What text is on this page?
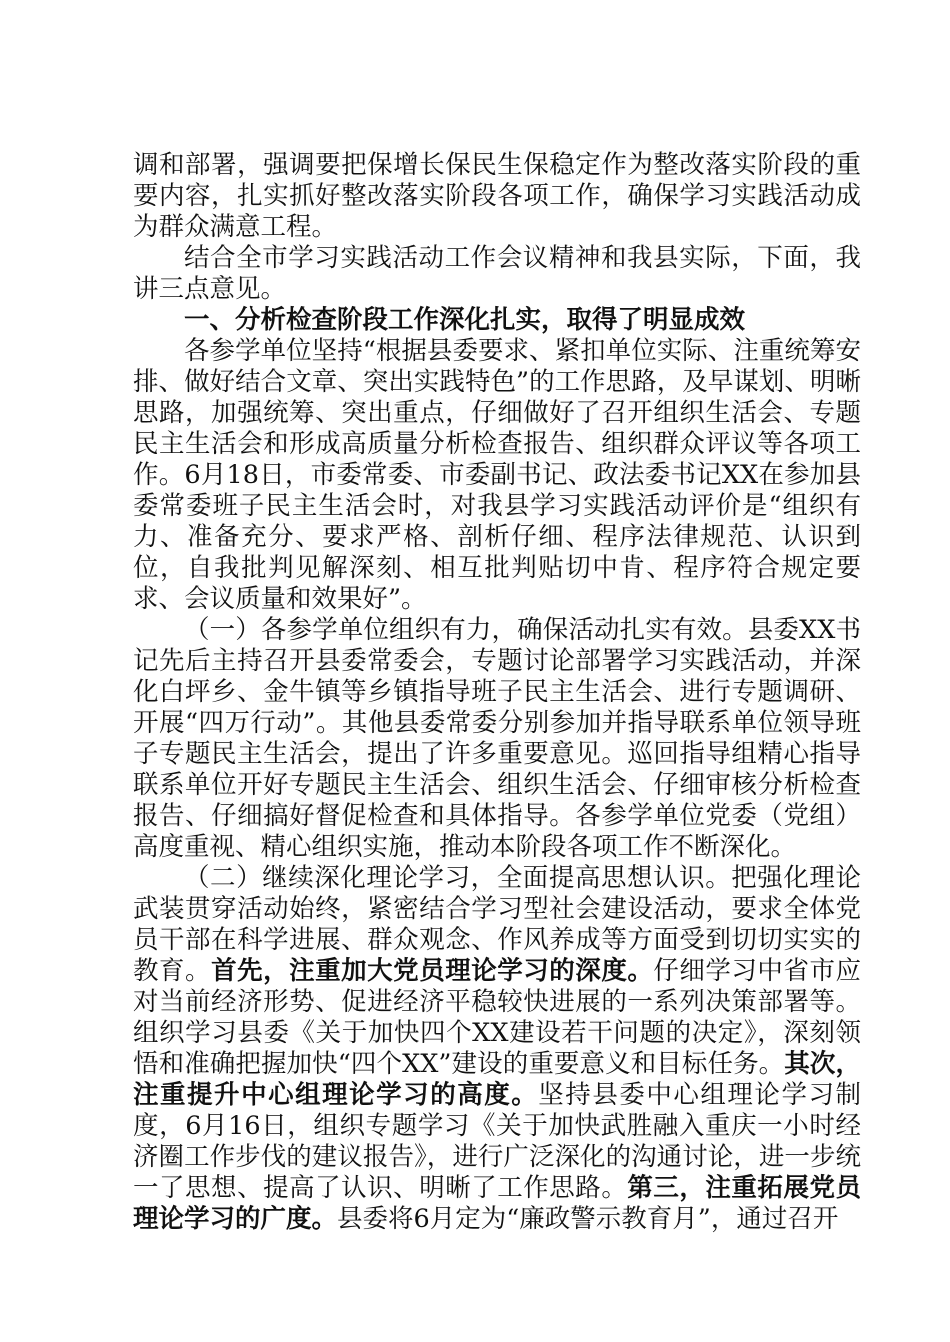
调和部署，强调要把保增长保民生保稳定作为整改落实阶段的重要内容，扎实抓好整改落实阶段各项工作，确保学习实践活动成为群众满意工程。

结合全市学习实践活动工作会议精神和我县实际，下面，我讲三点意见。

一、分析检查阶段工作深化扎实，取得了明显成效

各参学单位坚持“根据县委要求、紧扣单位实际、注重统筹安排、做好结合文章、突出实践特色”的工作思路，及早谋划、明晰思路，加强统筹、突出重点，仔细做好了召开组织生活会、专题民主生活会和形成高质量分析检查报告、组织群众评议等各项工作。6月18日，市委常委、市委副书记、政法委书记XX在参加县委常委班子民主生活会时，对我县学习实践活动评价是“组织有力、准备充分、要求严格、剖析仔细、程序法律规范、认识到位，自我批判见解深刻、相互批判贴切中肯、程序符合规定要求、会议质量和效果好”。

（一）各参学单位组织有力，确保活动扎实有效。县委XX书记先后主持召开县委常委会，专题讨论部署学习实践活动，并深化白坪乡、金牛镇等乡镇指导班子民主生活会、进行专题调研、开展“四万行动”。其他县委常委分别参加并指导联系单位领导班子专题民主生活会，提出了许多重要意见。巡回指导组精心指导联系单位开好专题民主生活会、组织生活会、仔细审核分析检查报告、仔细搞好督促检查和具体指导。各参学单位党委（党组）高度重视、精心组织实施，推动本阶段各项工作不断深化。

（二）继续深化理论学习，全面提高思想认识。把强化理论武装贯穿活动始终，紧密结合学习型社会建设活动，要求全体党员干部在科学进展、群众观念、作风养成等方面受到切切实实的教育。首先，注重加大党员理论学习的深度。仔细学习中省市应对当前经济形势、促进经济平稳较快进展的一系列决策部署等。组织学习县委《关于加快四个XX建设若干问题的决定》，深刻领悟和准确把握加快“四个XX”建设的重要意义和目标任务。其次，注重提升中心组理论学习的高度。坚持县委中心组理论学习制度，6月16日，组织专题学习《关于加快武胜融入重庆一小时经济圈工作步伐的建议报告》，进行广泛深化的沟通讨论，进一步统一了思想、提高了认识、明晰了工作思路。第三，注重拓展党员理论学习的广度。县委将6月定为“廉政警示教育月”，通过召开
